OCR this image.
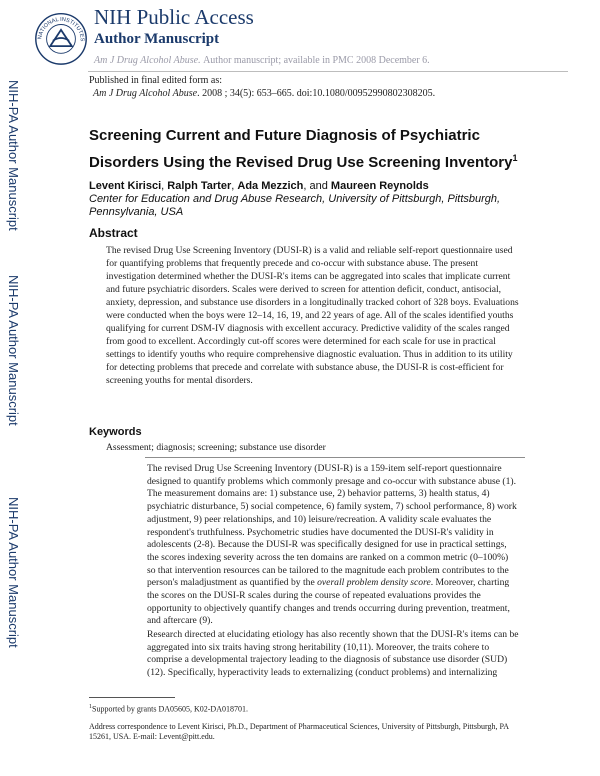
NATIONAL INSTITUTES
NIH Public Access
Author Manuscript
Am J Drug Alcohol Abuse. Author manuscript; available in PMC 2008 December 6.
Published in final edited form as:
Am J Drug Alcohol Abuse. 2008 ; 34(5): 653–665. doi:10.1080/00952990802308205.
NIH-PA Author Manuscript
NIH-PA Author Manuscript
NIH-PA Author Manuscript
Screening Current and Future Diagnosis of Psychiatric Disorders Using the Revised Drug Use Screening Inventory$^1$
Levent Kirisci, Ralph Tarter, Ada Mezzich, and Maureen Reynolds
Center for Education and Drug Abuse Research, University of Pittsburgh, Pittsburgh, Pennsylvania, USA
Abstract
The revised Drug Use Screening Inventory (DUSI-R) is a valid and reliable self-report questionnaire used for quantifying problems that frequently precede and co-occur with substance abuse. The present investigation determined whether the DUSI-R's items can be aggregated into scales that implicate current and future psychiatric disorders. Scales were derived to screen for attention deficit, conduct, antisocial, anxiety, depression, and substance use disorders in a longitudinally tracked cohort of 328 boys. Evaluations were conducted when the boys were 12–14, 16, 19, and 22 years of age. All of the scales identified youths qualifying for current DSM-IV diagnosis with excellent accuracy. Predictive validity of the scales ranged from good to excellent. Accordingly cut-off scores were determined for each scale for use in practical settings to identify youths who require comprehensive diagnostic evaluation. Thus in addition to its utility for detecting problems that precede and correlate with substance abuse, the DUSI-R is cost-efficient for screening youths for mental disorders.
Keywords
Assessment; diagnosis; screening; substance use disorder
The revised Drug Use Screening Inventory (DUSI-R) is a 159-item self-report questionnaire designed to quantify problems which commonly presage and co-occur with substance abuse (1). The measurement domains are: 1) substance use, 2) behavior patterns, 3) health status, 4) psychiatric disturbance, 5) social competence, 6) family system, 7) school performance, 8) work adjustment, 9) peer relationships, and 10) leisure/recreation. A validity scale evaluates the respondent's truthfulness. Psychometric studies have documented the DUSI-R's validity in adolescents (2-8). Because the DUSI-R was specifically designed for use in practical settings, the scores indexing severity across the ten domains are ranked on a common metric (0–100%) so that intervention resources can be tailored to the magnitude each problem contributes to the person's maladjustment as quantified by the overall problem density score. Moreover, charting the scores on the DUSI-R scales during the course of repeated evaluations provides the opportunity to objectively quantify changes and trends occurring during prevention, treatment, and aftercare (9).
Research directed at elucidating etiology has also recently shown that the DUSI-R's items can be aggregated into six traits having strong heritability (10,11). Moreover, the traits cohere to comprise a developmental trajectory leading to the diagnosis of substance use disorder (SUD) (12). Specifically, hyperactivity leads to externalizing (conduct problems) and internalizing
$^1$Supported by grants DA05605, K02-DA018701.
Address correspondence to Levent Kirisci, Ph.D., Department of Pharmaceutical Sciences, University of Pittsburgh, Pittsburgh, PA 15261, USA. E-mail: Levent@pitt.edu.
